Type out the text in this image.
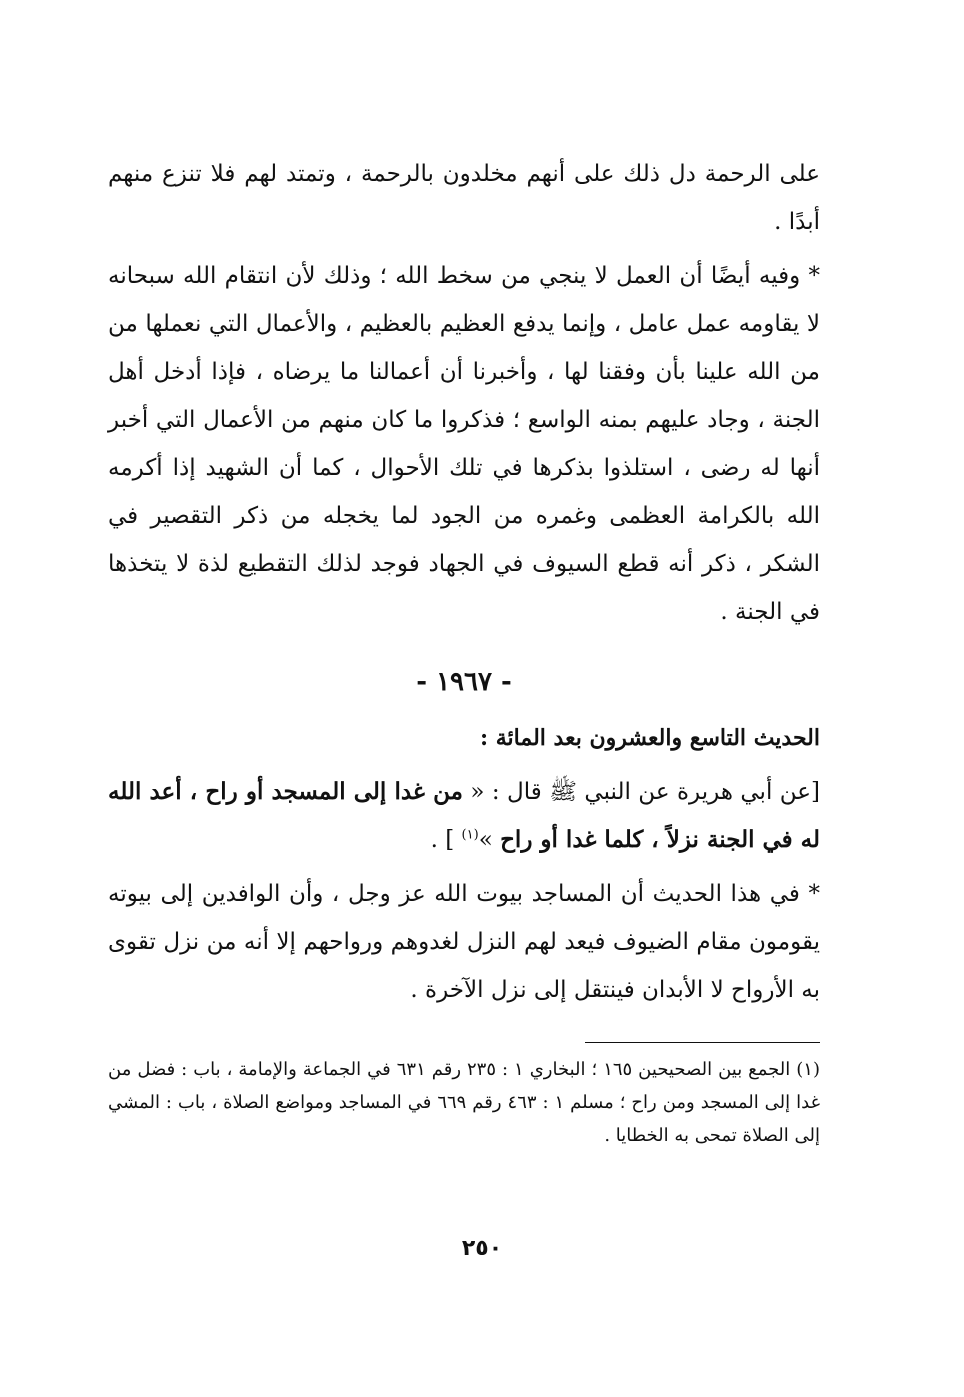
على الرحمة دل ذلك على أنهم مخلدون بالرحمة ، وتمتد لهم فلا تنزع منهم أبدًا .

* وفيه أيضًا أن العمل لا ينجي من سخط الله ؛ وذلك لأن انتقام الله سبحانه لا يقاومه عمل عامل ، وإنما يدفع العظيم بالعظيم ، والأعمال التي نعملها من من الله علينا بأن وفقنا لها ، وأخبرنا أن أعمالنا ما يرضاه ، فإذا أدخل أهل الجنة ، وجاد عليهم بمنه الواسع ؛ فذكروا ما كان منهم من الأعمال التي أخبر أنها له رضى ، استلذوا بذكرها في تلك الأحوال ، كما أن الشهيد إذا أكرمه الله بالكرامة العظمى وغمره من الجود لما يخجله من ذكر التقصير في الشكر ، ذكر أنه قطع السيوف في الجهاد فوجد لذلك التقطيع لذة لا يتخذها في الجنة .

- ١٩٦٧ -
الحديث التاسع والعشرون بعد المائة :

[عن أبي هريرة عن النبي ﷺ قال : « من غدا إلى المسجد أو راح ، أعد الله له في الجنة نزلاً ، كلما غدا أو راح »$^{(١)}$ ] .

* في هذا الحديث أن المساجد بيوت الله عز وجل ، وأن الوافدين إلى بيوته يقومون مقام الضيوف فيعد لهم النزل لغدوهم ورواحهم إلا أنه من نزل تقوى به الأرواح لا الأبدان فينتقل إلى نزل الآخرة .

(١) الجمع بين الصحيحين ١٦٥ ؛ البخاري ١ : ٢٣٥ رقم ٦٣١ في الجماعة والإمامة ، باب : فضل من غدا إلى المسجد ومن راح ؛ مسلم ١ : ٤٦٣ رقم ٦٦٩ في المساجد ومواضع الصلاة ، باب : المشي إلى الصلاة تمحى به الخطايا .

٢٥٠
